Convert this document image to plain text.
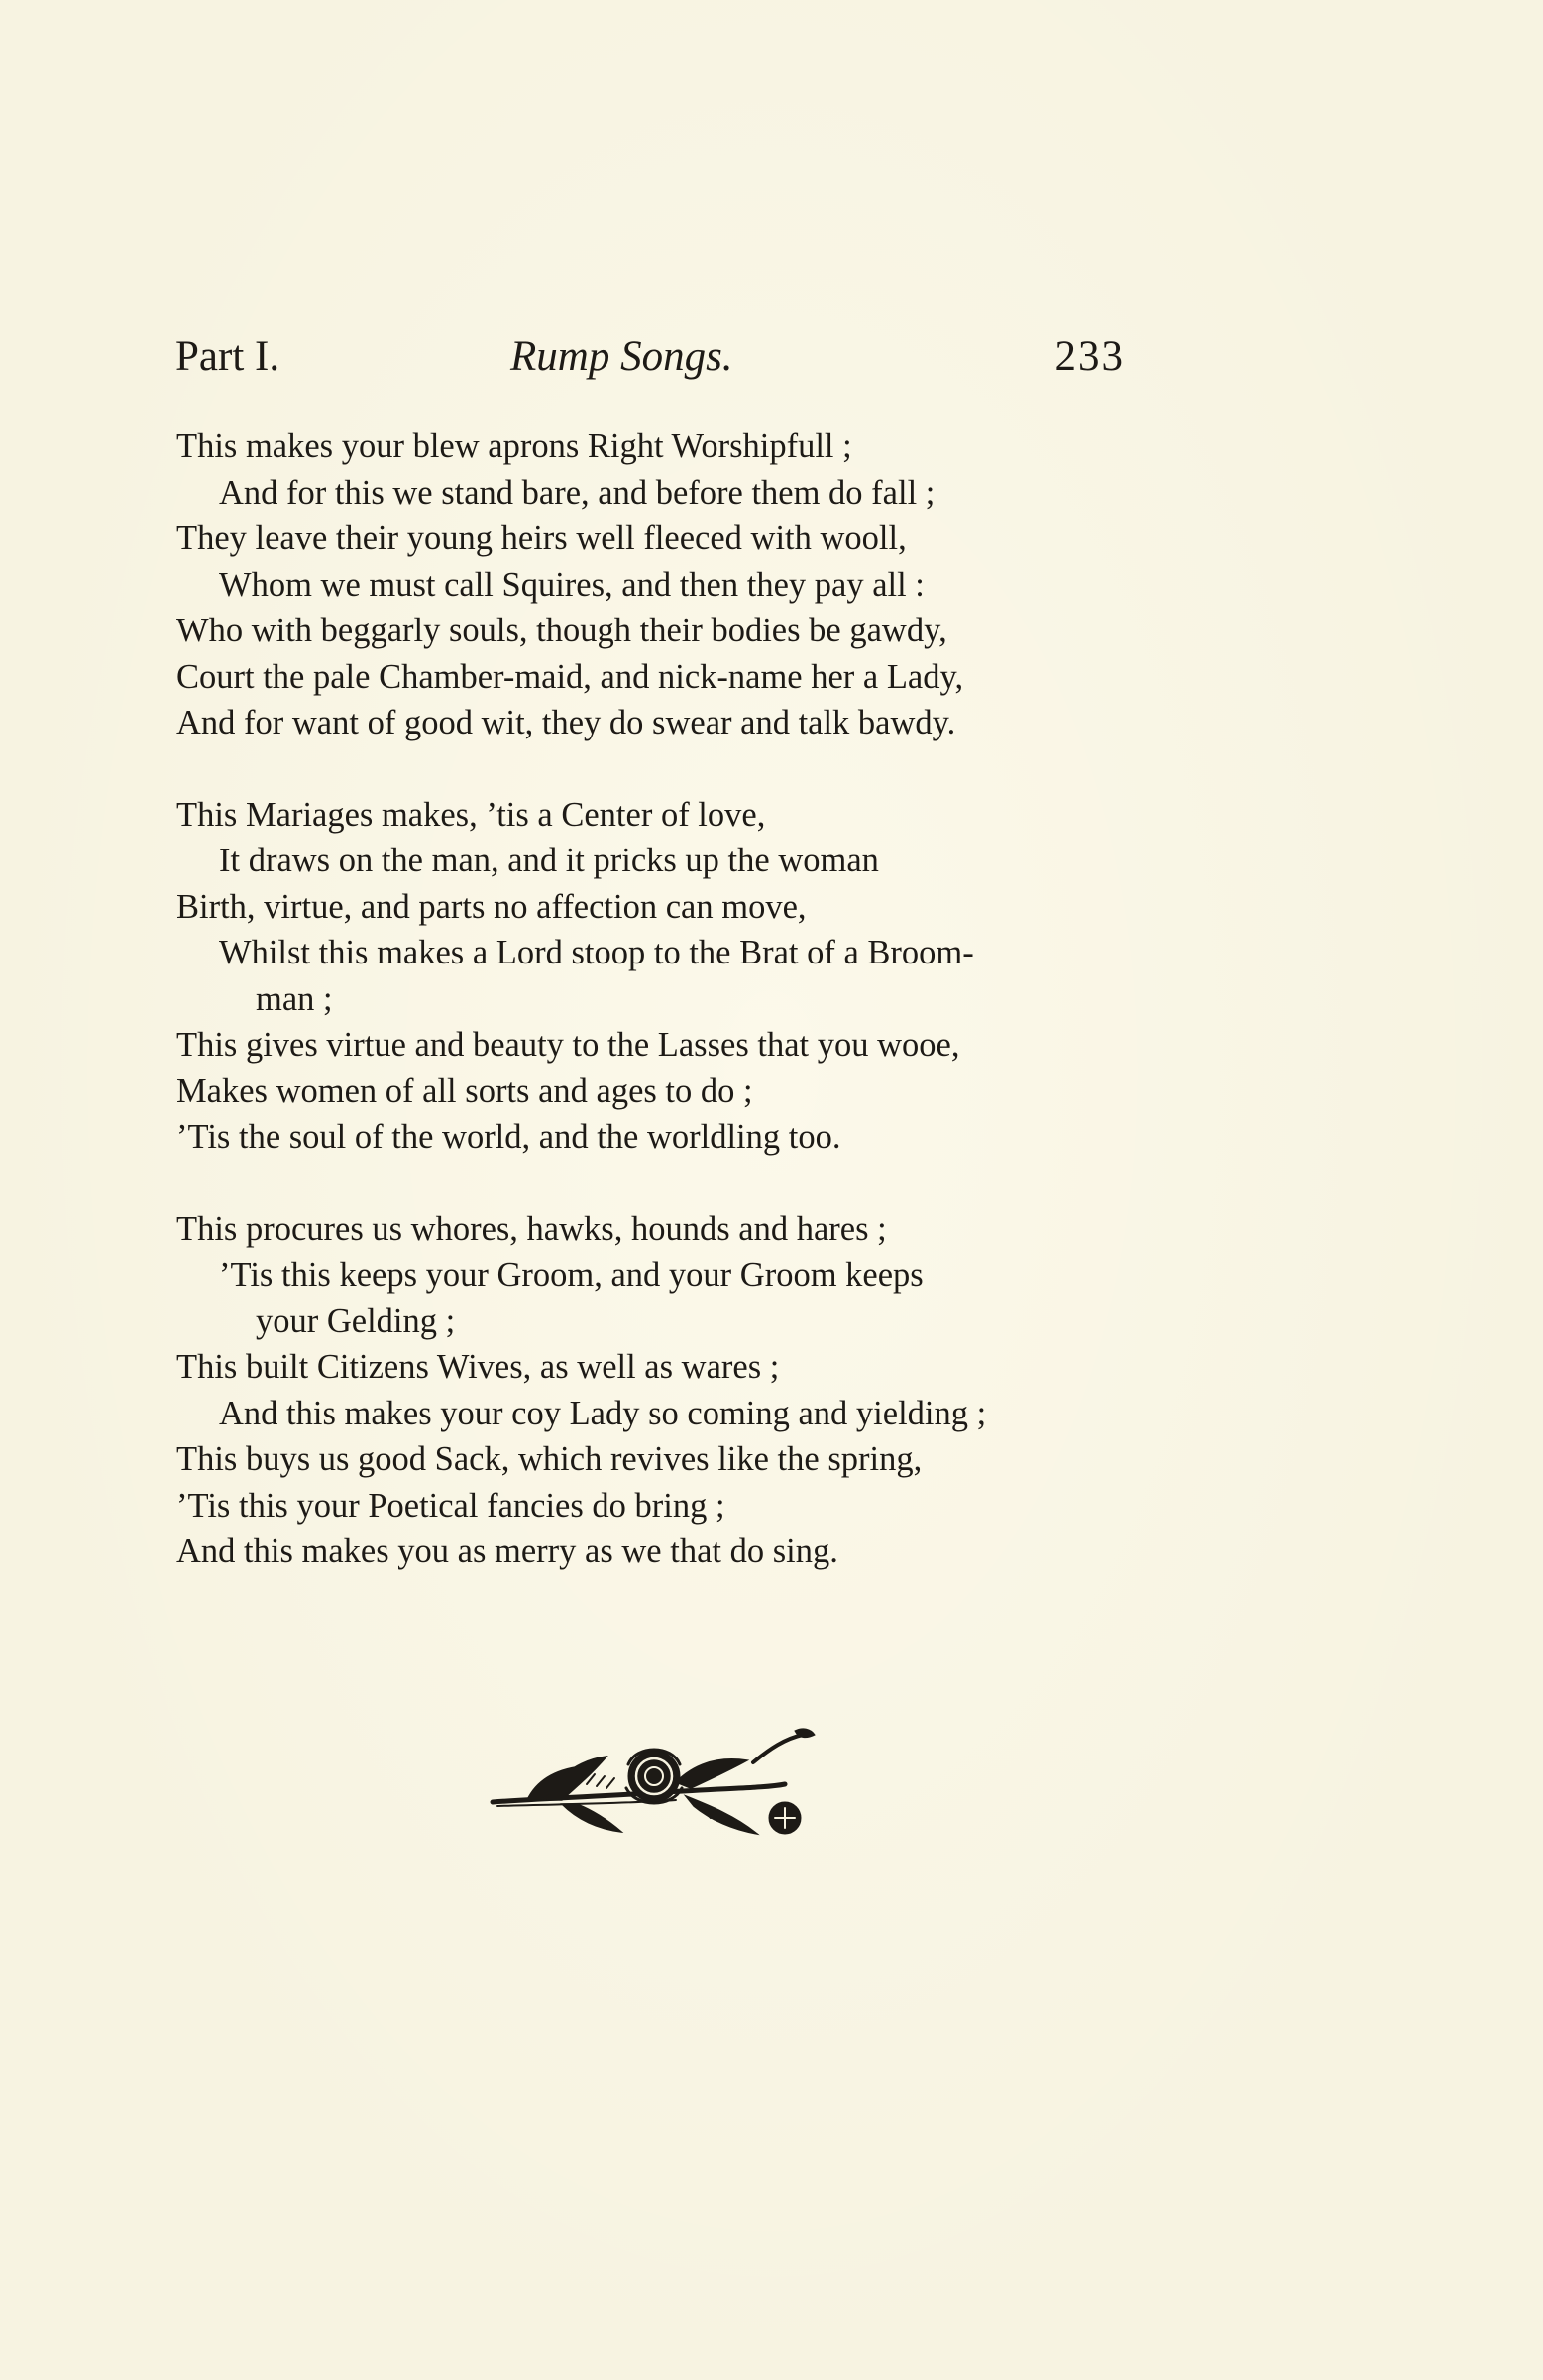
Part I.	Rump Songs.	233
This makes your blew aprons Right Worshipfull ;
And for this we stand bare, and before them do fall ;
They leave their young heirs well fleeced with wooll,
Whom we must call Squires, and then they pay all :
Who with beggarly souls, though their bodies be gawdy,
Court the pale Chamber-maid, and nick-name her a Lady,
And for want of good wit, they do swear and talk bawdy.
This Mariages makes, ’tis a Center of love,
It draws on the man, and it pricks up the woman
Birth, virtue, and parts no affection can move,
Whilst this makes a Lord stoop to the Brat of a Broom-
man ;
This gives virtue and beauty to the Lasses that you wooe,
Makes women of all sorts and ages to do ;
’Tis the soul of the world, and the worldling too.
This procures us whores, hawks, hounds and hares ;
’Tis this keeps your Groom, and your Groom keeps
your Gelding ;
This built Citizens Wives, as well as wares ;
And this makes your coy Lady so coming and yielding ;
This buys us good Sack, which revives like the spring,
’Tis this your Poetical fancies do bring ;
And this makes you as merry as we that do sing.
